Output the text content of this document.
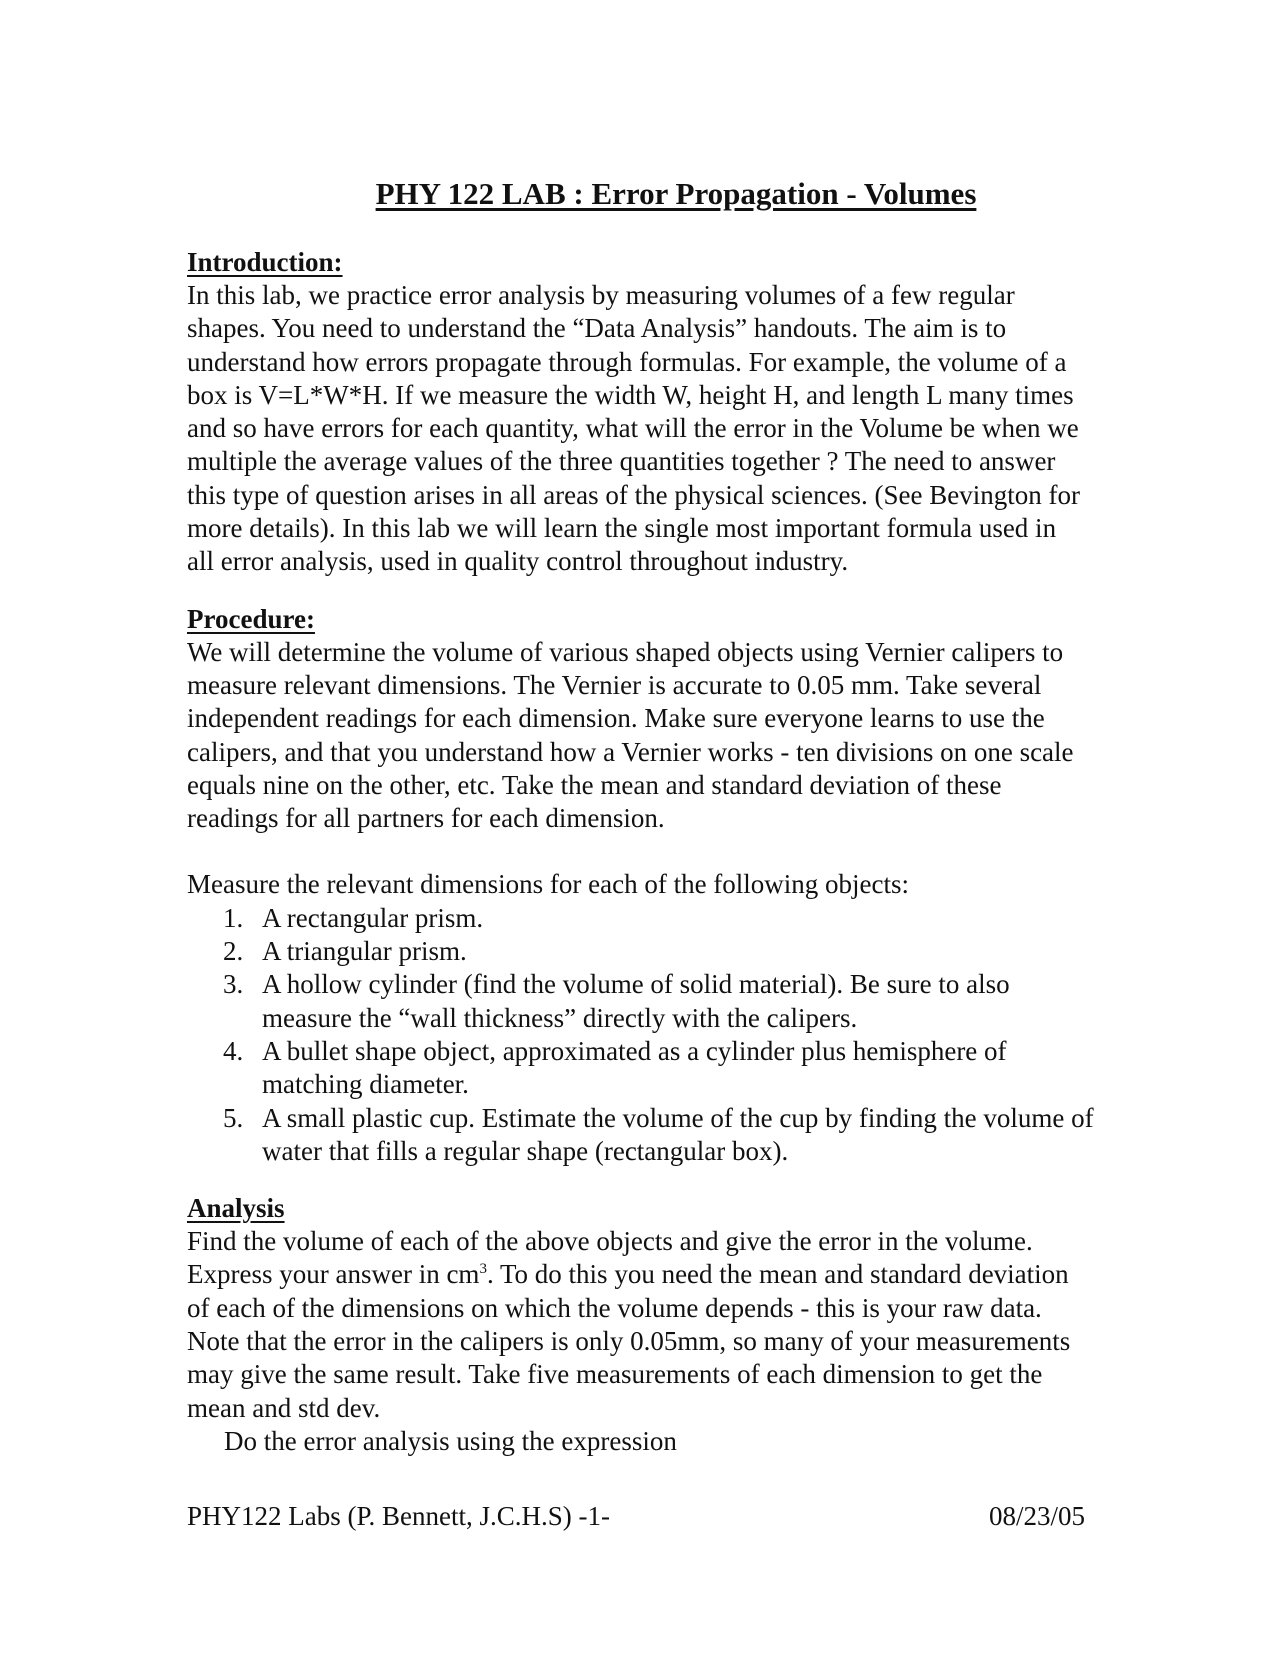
PHY 122 LAB : Error Propagation - Volumes
Introduction:

In this lab, we practice error analysis by measuring volumes of a few regular
shapes. You need to understand the “Data Analysis” handouts. The aim is to
understand how errors propagate through formulas. For example, the volume of a
box is V=L*W*H. If we measure the width W, height H, and length L many times
and so have errors for each quantity, what will the error in the Volume be when we
multiple the average values of the three quantities together ? The need to answer
this type of question arises in all areas of the physical sciences. (See Bevington for
more details). In this lab we will learn the single most important formula used in
all error analysis, used in quality control throughout industry.

Procedure:

We will determine the volume of various shaped objects using Vernier calipers to
measure relevant dimensions. The Vernier is accurate to 0.05 mm. Take several
independent readings for each dimension. Make sure everyone learns to use the
calipers, and that you understand how a Vernier works - ten divisions on one scale
equals nine on the other, etc. Take the mean and standard deviation of these
readings for all partners for each dimension.

Measure the relevant dimensions for each of the following objects:

1. A rectangular prism.
2. A triangular prism.
3. A hollow cylinder (find the volume of solid material). Be sure to also
measure the “wall thickness” directly with the calipers.
4. A bullet shape object, approximated as a cylinder plus hemisphere of
matching diameter.
5. A small plastic cup. Estimate the volume of the cup by finding the volume of
water that fills a regular shape (rectangular box).
Analysis

Find the volume of each of the above objects and give the error in the volume.
Express your answer in $cm^3$. To do this you need the mean and standard deviation
of each of the dimensions on which the volume depends - this is your raw data.
Note that the error in the calipers is only 0.05mm, so many of your measurements
may give the same result. Take five measurements of each dimension to get the
mean and std dev.
Do the error analysis using the expression

PHY122 Labs (P. Bennett, J.C.H.S) -1-	08/23/05
